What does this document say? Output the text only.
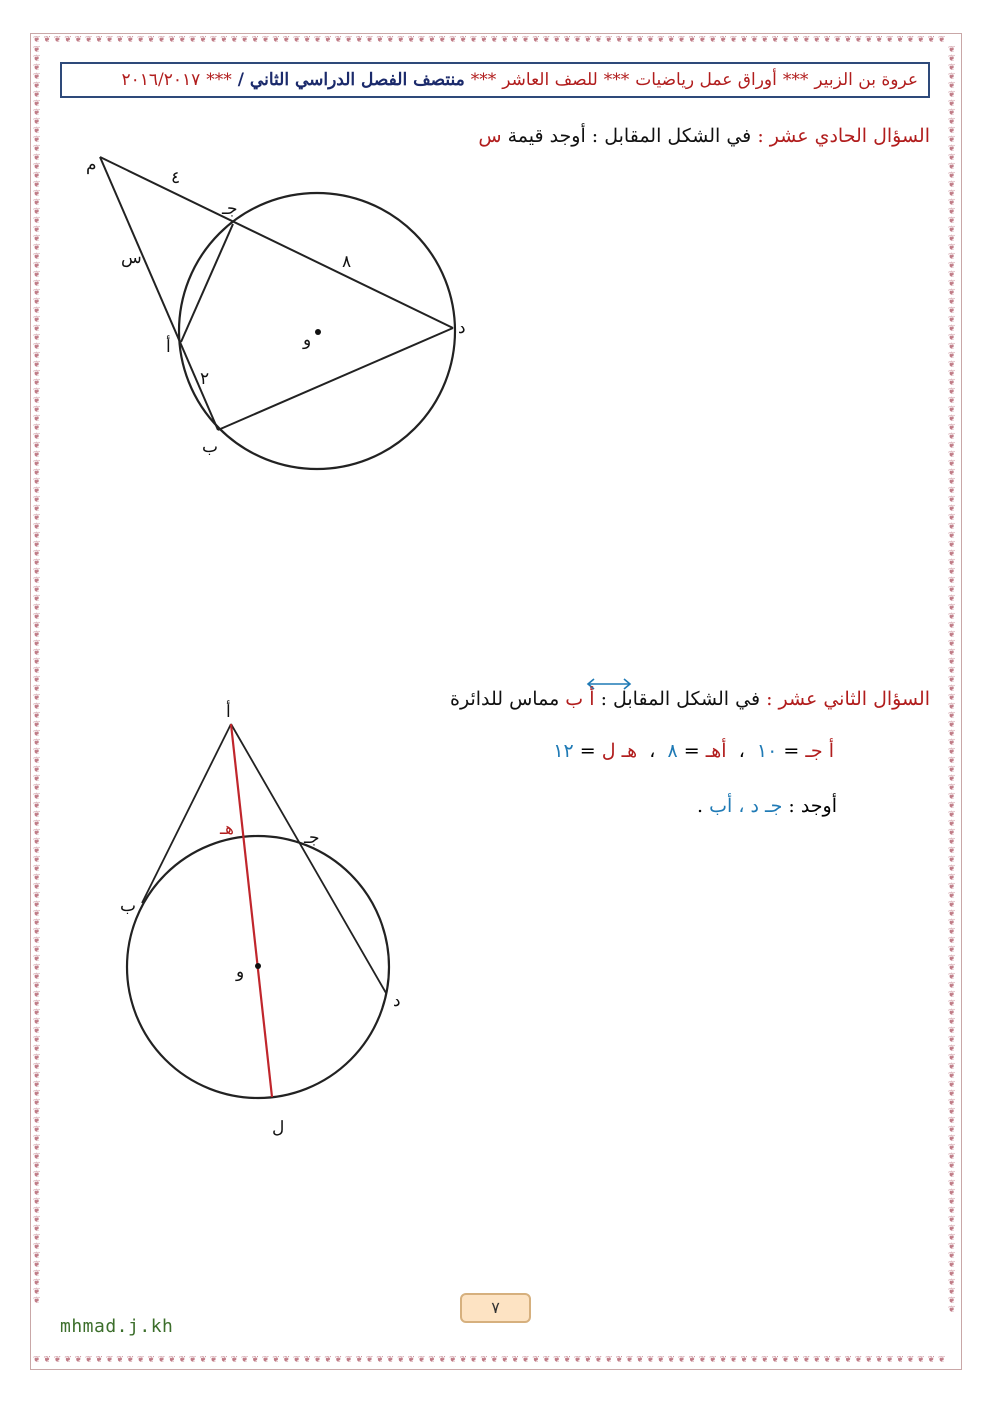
❦ ❦ ❦ ❦ ❦ ❦ ❦ ❦ ❦ ❦ ❦ ❦ ❦ ❦ ❦ ❦ ❦ ❦ ❦ ❦ ❦ ❦ ❦ ❦ ❦ ❦ ❦ ❦ ❦ ❦ ❦ ❦ ❦ ❦ ❦ ❦ ❦ ❦ ❦ ❦ ❦ ❦ ❦ ❦ ❦ ❦ ❦ ❦ ❦ ❦ ❦ ❦ ❦ ❦ ❦ ❦ ❦ ❦ ❦ ❦ ❦ ❦ ❦ ❦ ❦ ❦ ❦ ❦ ❦ ❦ ❦ ❦ ❦ ❦ ❦ ❦ ❦ ❦ ❦ ❦ ❦ ❦ ❦ ❦ ❦ ❦ ❦ ❦
❦ ❦ ❦ ❦ ❦ ❦ ❦ ❦ ❦ ❦ ❦ ❦ ❦ ❦ ❦ ❦ ❦ ❦ ❦ ❦ ❦ ❦ ❦ ❦ ❦ ❦ ❦ ❦ ❦ ❦ ❦ ❦ ❦ ❦ ❦ ❦ ❦ ❦ ❦ ❦ ❦ ❦ ❦ ❦ ❦ ❦ ❦ ❦ ❦ ❦ ❦ ❦ ❦ ❦ ❦ ❦ ❦ ❦ ❦ ❦ ❦ ❦ ❦ ❦ ❦ ❦ ❦ ❦ ❦ ❦ ❦ ❦ ❦ ❦ ❦ ❦ ❦ ❦ ❦ ❦ ❦ ❦ ❦ ❦ ❦ ❦ ❦ ❦
❦❦❦❦❦❦❦❦❦❦❦❦❦❦❦❦❦❦❦❦❦❦❦❦❦❦❦❦❦❦❦❦❦❦❦❦❦❦❦❦❦❦❦❦❦❦❦❦❦❦❦❦❦❦❦❦❦❦❦❦❦❦❦❦❦❦❦❦❦❦❦❦❦❦❦❦❦❦❦❦❦❦❦❦❦❦❦❦❦❦❦❦❦❦❦❦❦❦❦❦❦❦❦❦❦❦❦❦❦❦❦❦❦❦❦❦❦❦❦❦❦❦❦❦❦❦❦❦❦❦❦❦❦❦❦❦❦❦❦❦
❦❦❦❦❦❦❦❦❦❦❦❦❦❦❦❦❦❦❦❦❦❦❦❦❦❦❦❦❦❦❦❦❦❦❦❦❦❦❦❦❦❦❦❦❦❦❦❦❦❦❦❦❦❦❦❦❦❦❦❦❦❦❦❦❦❦❦❦❦❦❦❦❦❦❦❦❦❦❦❦❦❦❦❦❦❦❦❦❦❦❦❦❦❦❦❦❦❦❦❦❦❦❦❦❦❦❦❦❦❦❦❦❦❦❦❦❦❦❦❦❦❦❦❦❦❦❦❦❦❦❦❦❦❦❦❦❦❦❦❦❦
عروة بن الزبير
***
أوراق عمل رياضيات
***
للصف العاشر
***
منتصف الفصل الدراسي الثاني /
***
٢٠١٦/٢٠١٧
السؤال الحادي عشر : في الشكل المقابل : أوجد قيمة س
م
جـ
د
أ
ب
و
٤
٨
س
٢
أ
هـ	جـ
ب
و
د
ل
السؤال الثاني عشر : في الشكل المقابل : أ ب مماس للدائرة
أ جـ = ١٠  ،  أهـ = ٨  ،  هـ ل = ١٢
أوجد : جـ د ، أب .
٧
mhmad.j.kh
